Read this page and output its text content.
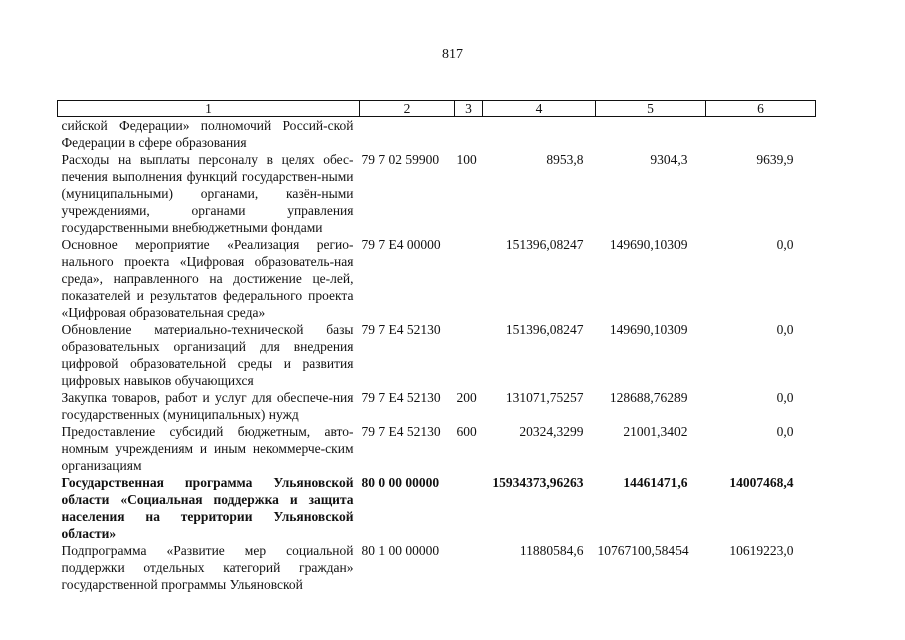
817
1	2	3	4	5	6
сийской Федерации» полномочий Россий-ской Федерации в сфере образования					
Расходы на выплаты персоналу в целях обес-печения выполнения функций государствен-ными (муниципальными) органами, казён-ными учреждениями, органами управления государственными внебюджетными фондами	79 7 02 59900	100	8953,8	9304,3	9639,9
Основное мероприятие «Реализация регио-нального проекта «Цифровая образователь-ная среда», направленного на достижение це-лей, показателей и результатов федерального проекта «Цифровая образовательная среда»	79 7 E4 00000		151396,08247	149690,10309	0,0
Обновление материально-технической базы образовательных организаций для внедрения цифровой образовательной среды и развития цифровых навыков обучающихся	79 7 E4 52130		151396,08247	149690,10309	0,0
Закупка товаров, работ и услуг для обеспече-ния государственных (муниципальных) нужд	79 7 E4 52130	200	131071,75257	128688,76289	0,0
Предоставление субсидий бюджетным, авто-номным учреждениям и иным некоммерче-ским организациям	79 7 E4 52130	600	20324,3299	21001,3402	0,0
Государственная программа Ульяновской области «Социальная поддержка и защита населения на территории Ульяновской области»	80 0 00 00000		15934373,96263	14461471,6	14007468,4
Подпрограмма «Развитие мер социальной поддержки отдельных категорий граждан» государственной программы Ульяновской	80 1 00 00000		11880584,6	10767100,58454	10619223,0
